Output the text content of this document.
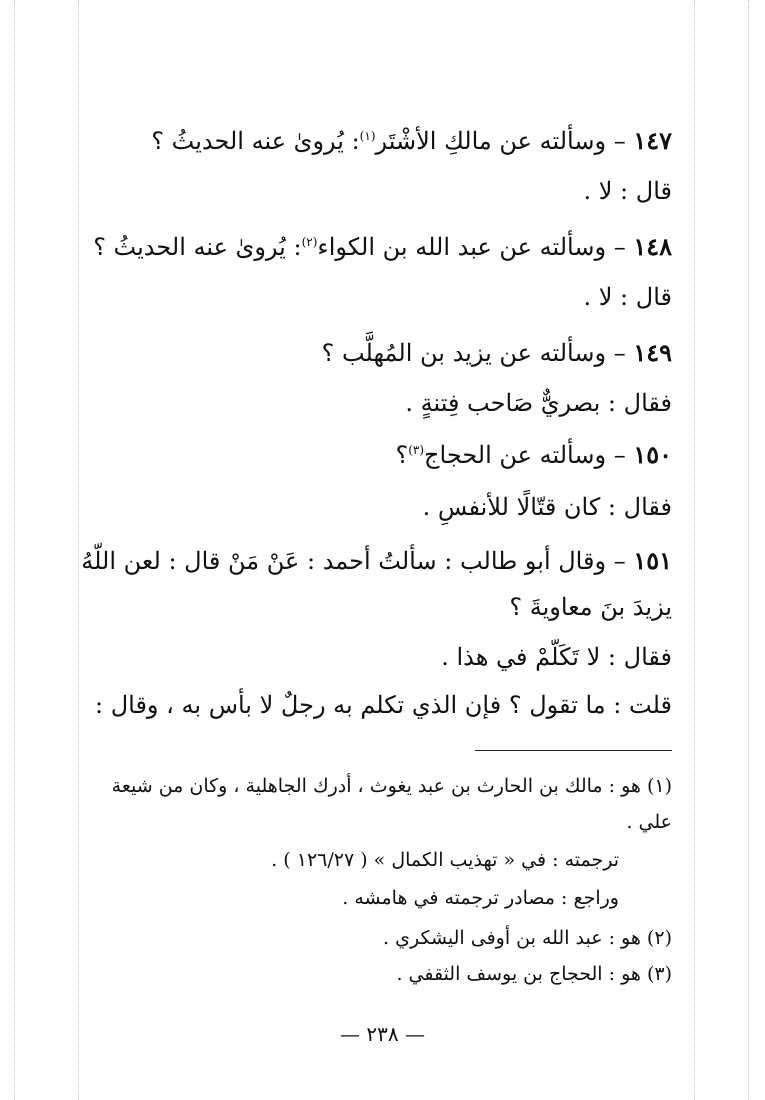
١٤٧ – وسألته عن مالكِ الأشْتَر$^{(١)}$: يُروىٰ عنه الحديثُ ؟
قال : لا .
١٤٨ – وسألته عن عبد الله بن الكواء$^{(٢)}$: يُروىٰ عنه الحديثُ ؟
قال : لا .
١٤٩ – وسألته عن يزيد بن المُهلَّب ؟
فقال : بصريٌّ صَاحب فِتنةٍ .
١٥٠ – وسألته عن الحجاج$^{(٣)}$؟
فقال : كان قتّالًا للأنفسِ .
١٥١ – وقال أبو طالب : سألتُ أحمد : عَنْ مَنْ قال : لعن اللّهُ
يزيدَ بنَ معاويةَ ؟
فقال : لا تَكَلّمْ في هذا .
قلت : ما تقول ؟ فإن الذي تكلم به رجلٌ لا بأس به ، وقال :
(١) هو : مالك بن الحارث بن عبد يغوث ، أدرك الجاهلية ، وكان من شيعة
علي .
ترجمته : في « تهذيب الكمال » ( ١٢٦/٢٧ ) .
وراجع : مصادر ترجمته في هامشه .
(٢) هو : عبد الله بن أوفى اليشكري .
(٣) هو : الحجاج بن يوسف الثقفي .
— ٢٣٨ —
